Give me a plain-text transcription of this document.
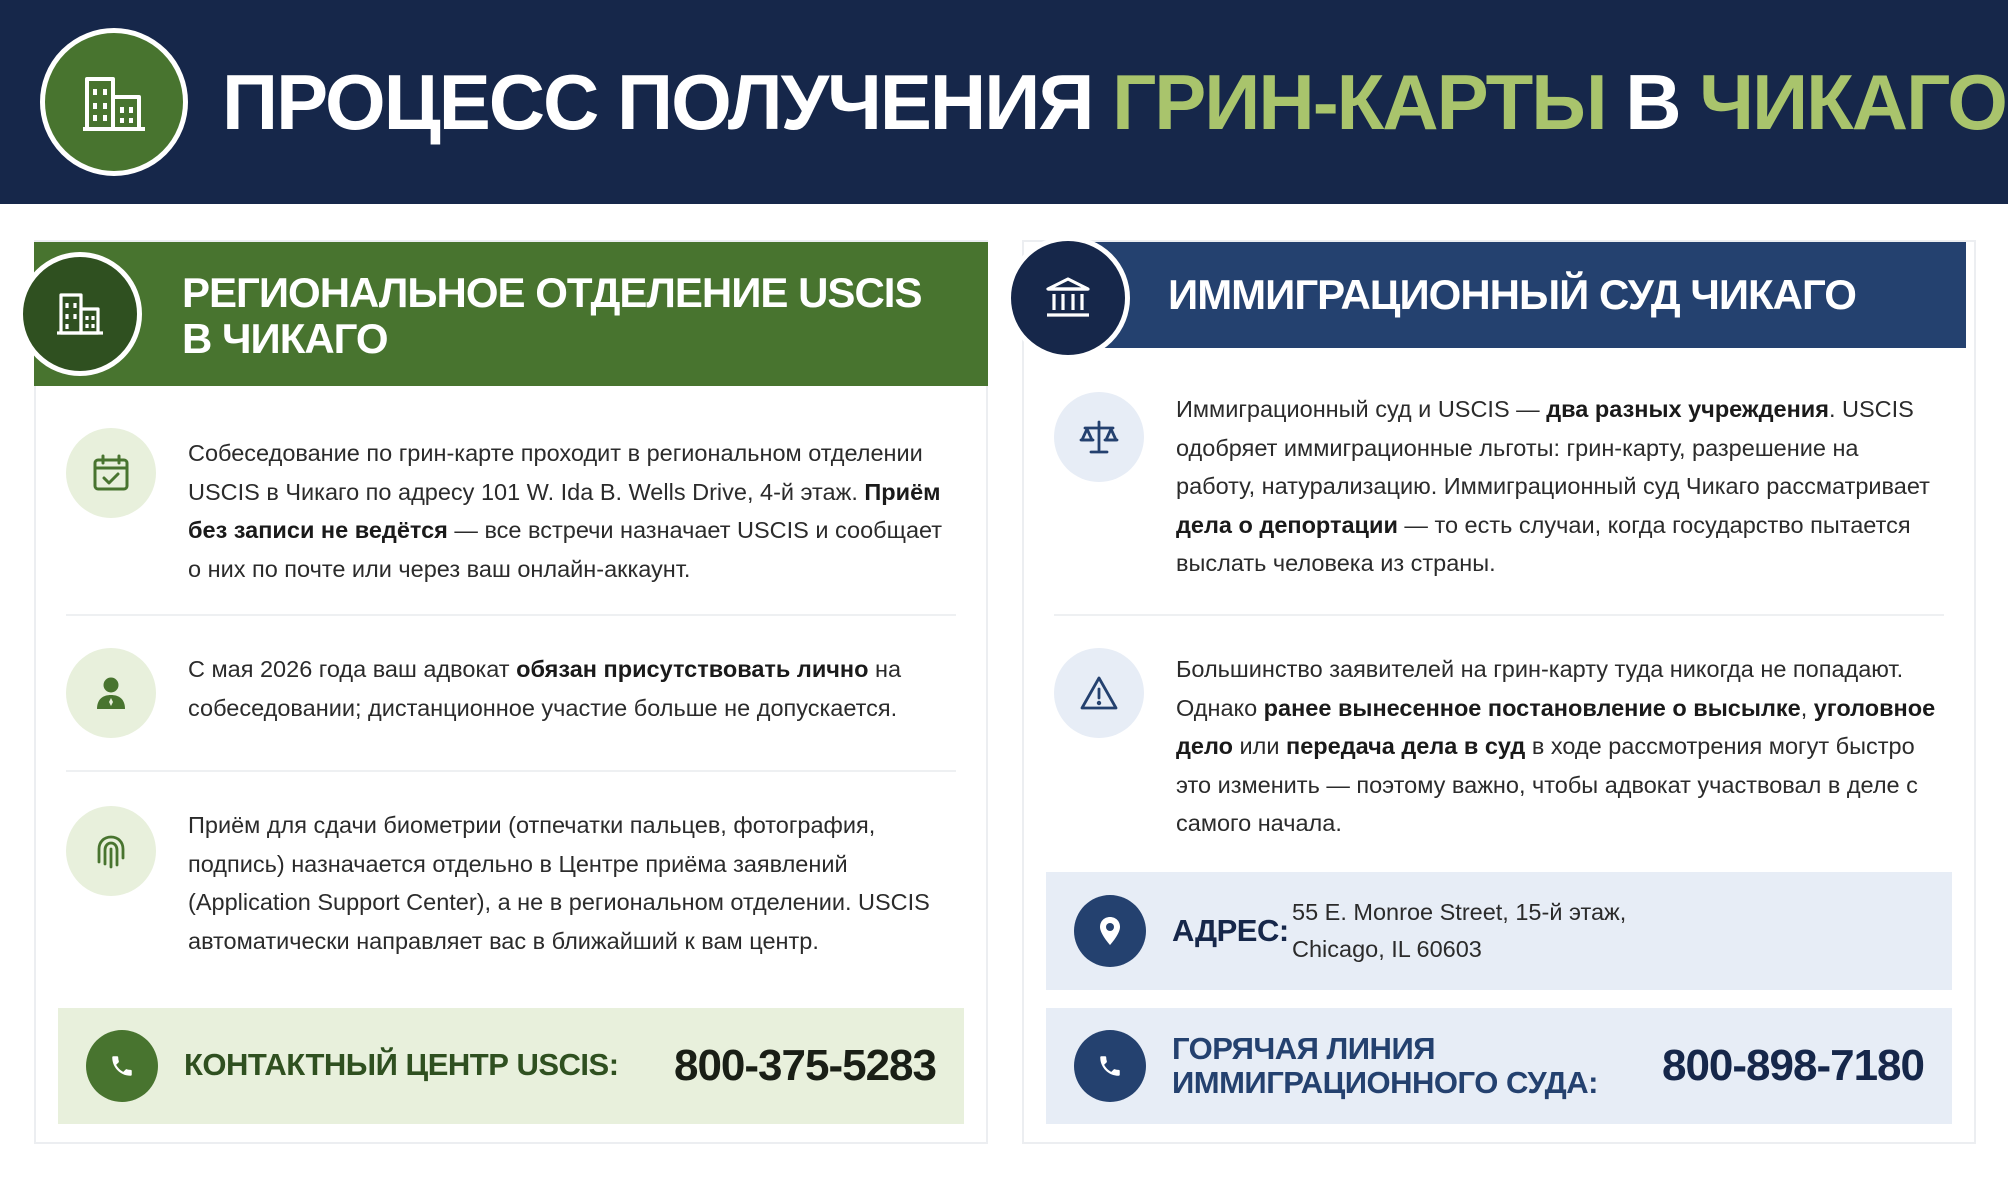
ПРОЦЕСС ПОЛУЧЕНИЯ ГРИН-КАРТЫ В ЧИКАГО
РЕГИОНАЛЬНОЕ ОТДЕЛЕНИЕ USCIS В ЧИКАГО
Собеседование по грин-карте проходит в региональном отделении USCIS в Чикаго по адресу 101 W. Ida B. Wells Drive, 4-й этаж. Приём без записи не ведётся — все встречи назначает USCIS и сообщает о них по почте или через ваш онлайн-аккаунт.
С мая 2026 года ваш адвокат обязан присутствовать лично на собеседовании; дистанционное участие больше не допускается.
Приём для сдачи биометрии (отпечатки пальцев, фотография, подпись) назначается отдельно в Центре приёма заявлений (Application Support Center), а не в региональном отделении. USCIS автоматически направляет вас в ближайший к вам центр.
КОНТАКТНЫЙ ЦЕНТР USCIS: 800-375-5283
ИММИГРАЦИОННЫЙ СУД ЧИКАГО
Иммиграционный суд и USCIS — два разных учреждения. USCIS одобряет иммиграционные льготы: грин-карту, разрешение на работу, натурализацию. Иммиграционный суд Чикаго рассматривает дела о депортации — то есть случаи, когда государство пытается выслать человека из страны.
Большинство заявителей на грин-карту туда никогда не попадают. Однако ранее вынесенное постановление о высылке, уголовное дело или передача дела в суд в ходе рассмотрения могут быстро это изменить — поэтому важно, чтобы адвокат участвовал в деле с самого начала.
АДРЕС:
55 E. Monroe Street, 15-й этаж,
Chicago, IL 60603
ГОРЯЧАЯ ЛИНИЯ
ИММИГРАЦИОННОГО СУДА: 800-898-7180
